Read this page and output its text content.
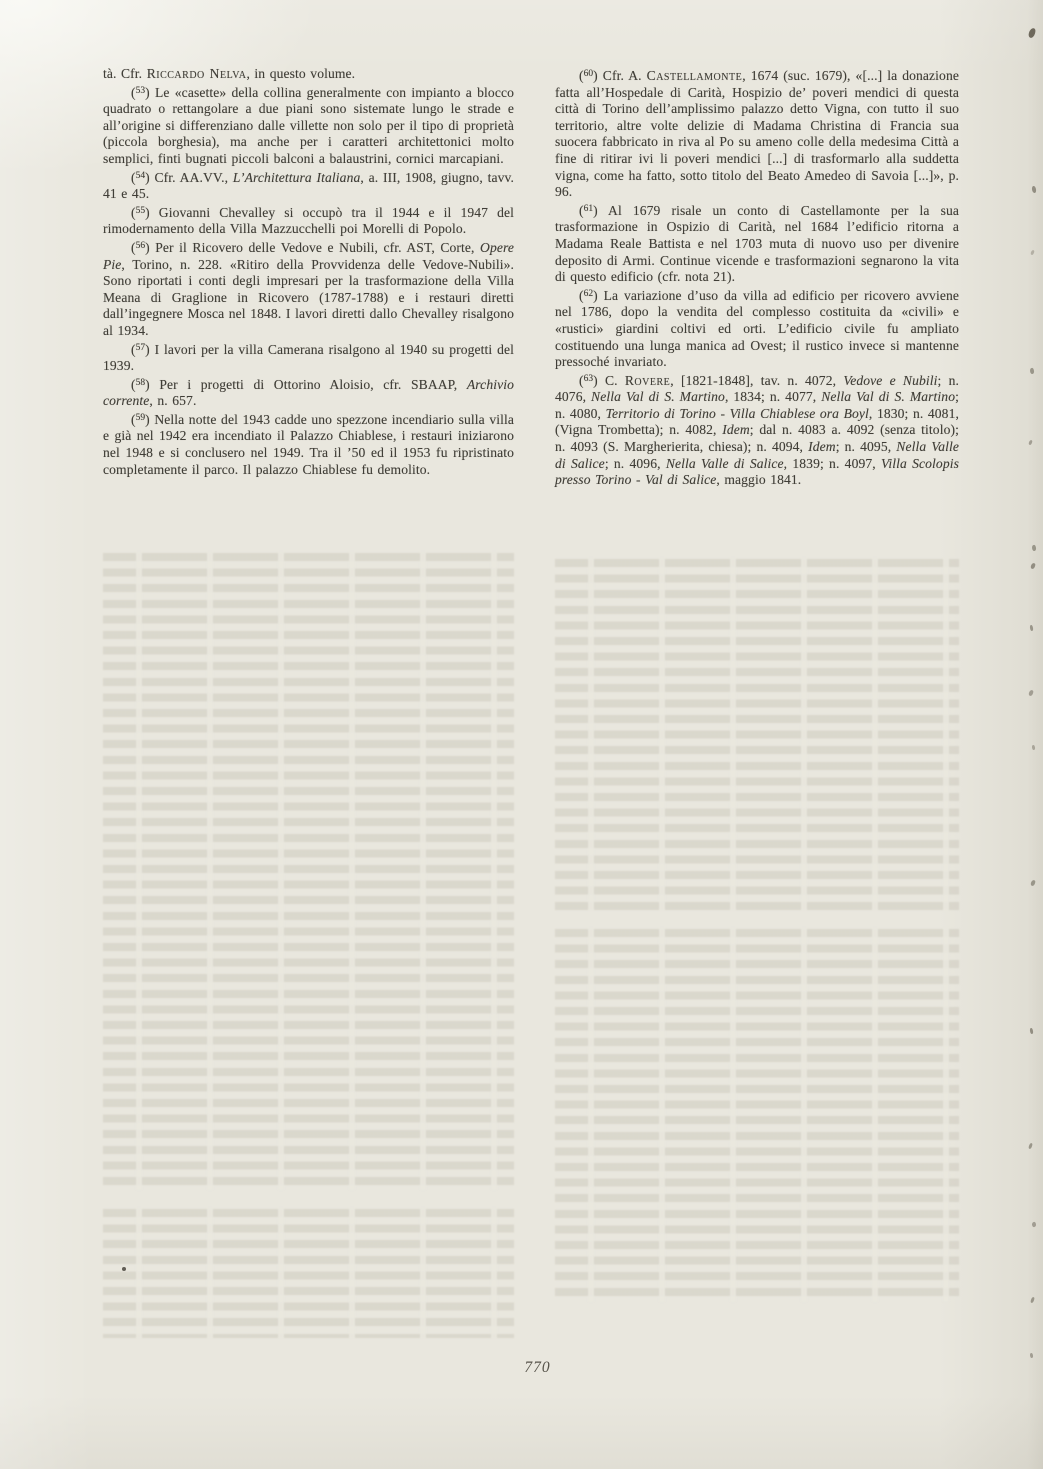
tà. Cfr. Riccardo Nelva, in questo volume.

($^{53}$) Le «casette» della collina generalmente con impianto a blocco quadrato o rettangolare a due piani sono sistemate lungo le strade e all’origine si differenziano dalle villette non solo per il tipo di proprietà (piccola borghesia), ma anche per i caratteri architettonici molto semplici, finti bugnati piccoli balconi a balaustrini, cornici marcapiani.

($^{54}$) Cfr. AA.VV., L’Architettura Italiana, a. III, 1908, giugno, tavv. 41 e 45.

($^{55}$) Giovanni Chevalley si occupò tra il 1944 e il 1947 del rimodernamento della Villa Mazzucchelli poi Morelli di Popolo.

($^{56}$) Per il Ricovero delle Vedove e Nubili, cfr. AST, Corte, Opere Pie, Torino, n. 228. «Ritiro della Provvidenza delle Vedove-Nubili». Sono riportati i conti degli impresari per la trasformazione della Villa Meana di Graglione in Ricovero (1787-1788) e i restauri diretti dall’ingegnere Mosca nel 1848. I lavori diretti dallo Chevalley risalgono al 1934.

($^{57}$) I lavori per la villa Camerana risalgono al 1940 su progetti del 1939.

($^{58}$) Per i progetti di Ottorino Aloisio, cfr. SBAAP, Archivio corrente, n. 657.

($^{59}$) Nella notte del 1943 cadde uno spezzone incendiario sulla villa e già nel 1942 era incendiato il Palazzo Chiablese, i restauri iniziarono nel 1948 e si conclusero nel 1949. Tra il ’50 ed il 1953 fu ripristinato completamente il parco. Il palazzo Chiablese fu demolito.

($^{60}$) Cfr. A. Castellamonte, 1674 (suc. 1679), «[...] la donazione fatta all’Hospedale di Carità, Hospizio de’ poveri mendici di questa città di Torino dell’amplissimo palazzo detto Vigna, con tutto il suo territorio, altre volte delizie di Madama Christina di Francia sua suocera fabbricato in riva al Po su ameno colle della medesima Città a fine di ritirar ivi li poveri mendici [...] di trasformarlo alla suddetta vigna, come ha fatto, sotto titolo del Beato Amedeo di Savoia [...]», p. 96.

($^{61}$) Al 1679 risale un conto di Castellamonte per la sua trasformazione in Ospizio di Carità, nel 1684 l’edificio ritorna a Madama Reale Battista e nel 1703 muta di nuovo uso per divenire deposito di Armi. Continue vicende e trasformazioni segnarono la vita di questo edificio (cfr. nota 21).

($^{62}$) La variazione d’uso da villa ad edificio per ricovero avviene nel 1786, dopo la vendita del complesso costituita da «civili» e «rustici» giardini coltivi ed orti. L’edificio civile fu ampliato costituendo una lunga manica ad Ovest; il rustico invece si mantenne pressoché invariato.

($^{63}$) C. Rovere, [1821-1848], tav. n. 4072, Vedove e Nubili; n. 4076, Nella Val di S. Martino, 1834; n. 4077, Nella Val di S. Martino; n. 4080, Territorio di Torino - Villa Chiablese ora Boyl, 1830; n. 4081, (Vigna Trombetta); n. 4082, Idem; dal n. 4083 a. 4092 (senza titolo); n. 4093 (S. Margherierita, chiesa); n. 4094, Idem; n. 4095, Nella Valle di Salice; n. 4096, Nella Valle di Salice, 1839; n. 4097, Villa Scolopis presso Torino - Val di Salice, maggio 1841.

770
